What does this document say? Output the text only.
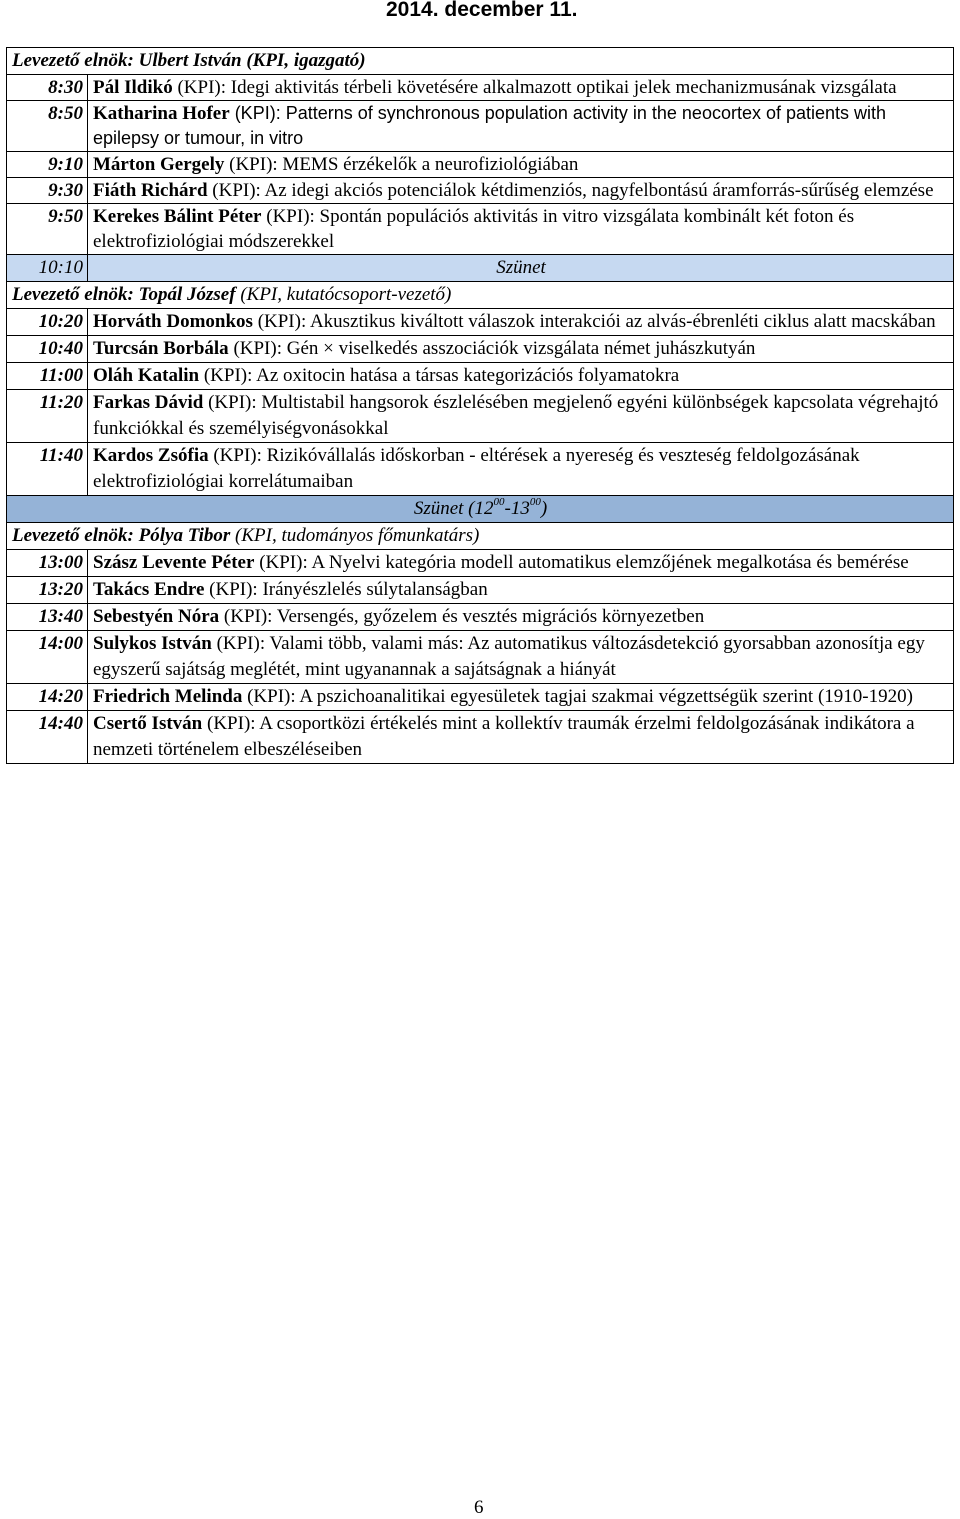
2014. december 11.
Levezető elnök: Ulbert István (KPI, igazgató)	
8:30	Pál Ildikó (KPI): Idegi aktivitás térbeli követésére alkalmazott optikai jelek mechanizmusának vizsgálata
8:50	Katharina Hofer (KPI): Patterns of synchronous population activity in the neocortex of patients with epilepsy or tumour, in vitro
9:10	Márton Gergely (KPI): MEMS érzékelők a neurofiziológiában
9:30	Fiáth Richárd (KPI): Az idegi akciós potenciálok kétdimenziós, nagyfelbontású áramforrás-sűrűség elemzése
9:50	Kerekes Bálint Péter (KPI): Spontán populációs aktivitás in vitro vizsgálata kombinált két foton és elektrofiziológiai módszerekkel
10:10	Szünet
Levezető elnök: Topál József (KPI, kutatócsoport-vezető)	
10:20	Horváth Domonkos (KPI): Akusztikus kiváltott válaszok interakciói az alvás-ébrenléti ciklus alatt macskában
10:40	Turcsán Borbála (KPI): Gén × viselkedés asszociációk vizsgálata német juhászkutyán
11:00	Oláh Katalin (KPI): Az oxitocin hatása a társas kategorizációs folyamatokra
11:20	Farkas Dávid (KPI): Multistabil hangsorok észlelésében megjelenő egyéni különbségek kapcsolata végrehajtó funkciókkal és személyiségvonásokkal
11:40	Kardos Zsófia (KPI): Rizikóvállalás időskorban - eltérések a nyereség és veszteség feldolgozásának elektrofiziológiai korrelátumaiban
Szünet $(12^{00}-13^{00})$	
Levezető elnök: Pólya Tibor (KPI, tudományos főmunkatárs)	
13:00	Szász Levente Péter (KPI): A Nyelvi kategória modell automatikus elemzőjének megalkotása és bemérése
13:20	Takács Endre (KPI): Irányészlelés súlytalanságban
13:40	Sebestyén Nóra (KPI): Versengés, győzelem és vesztés migrációs környezetben
14:00	Sulykos István (KPI): Valami több, valami más: Az automatikus változásdetekció gyorsabban azonosítja egy egyszerű sajátság meglétét, mint ugyanannak a sajátságnak a hiányát
14:20	Friedrich Melinda (KPI): A pszichoanalitikai egyesületek tagjai szakmai végzettségük szerint (1910-1920)
14:40	Csertő István (KPI): A csoportközi értékelés mint a kollektív traumák érzelmi feldolgozásának indikátora a nemzeti történelem elbeszéléseiben
6
